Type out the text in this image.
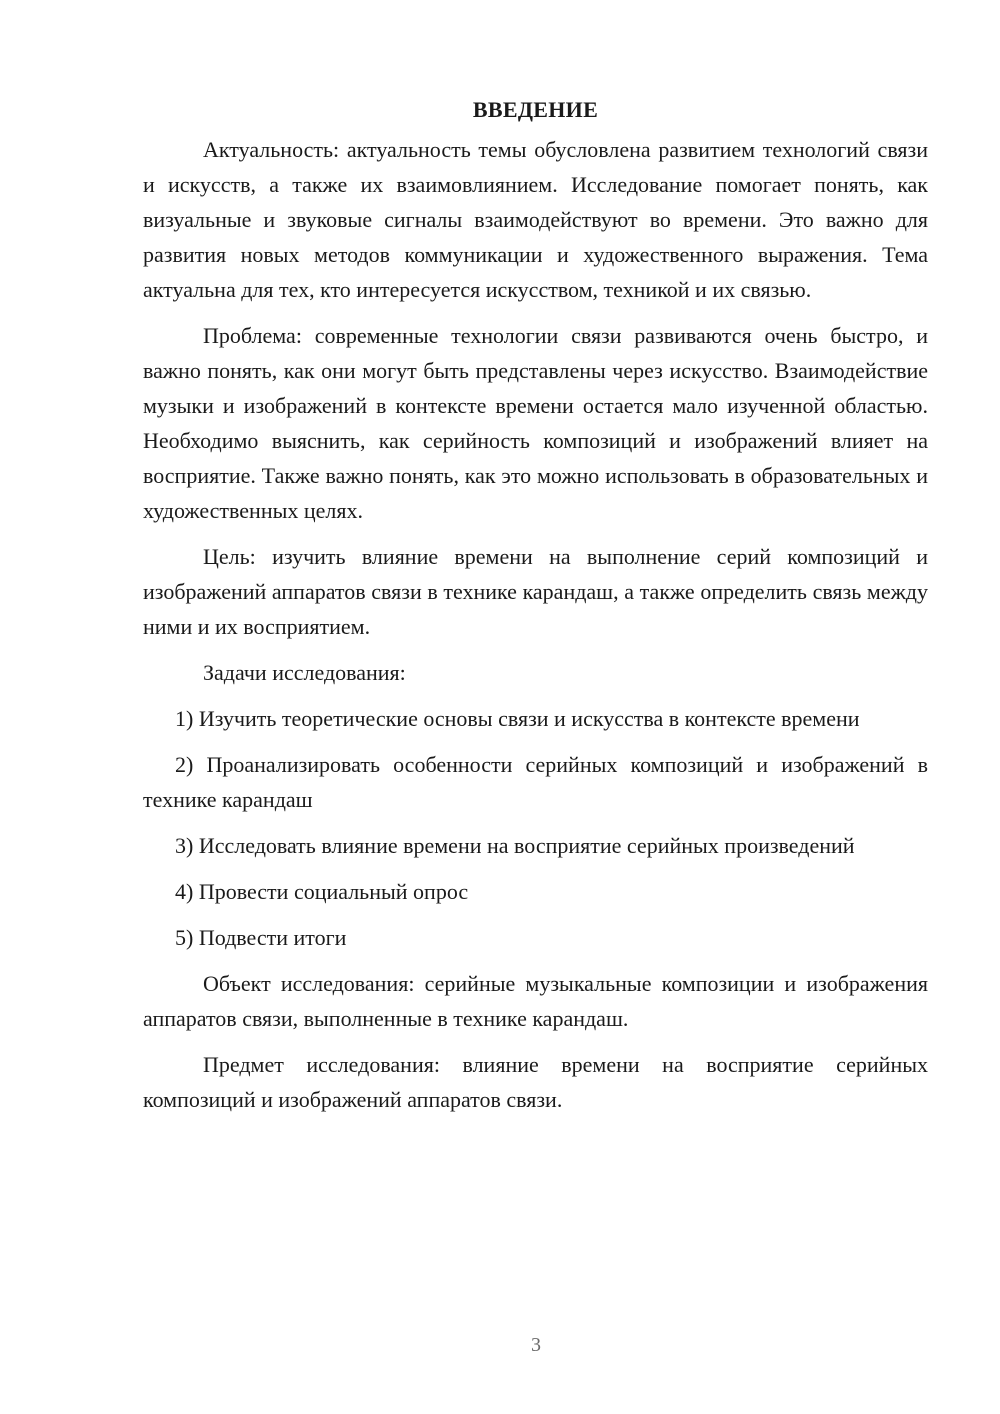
ВВЕДЕНИЕ

Актуальность: актуальность темы обусловлена развитием технологий связи и искусств, а также их взаимовлиянием. Исследование помогает понять, как визуальные и звуковые сигналы взаимодействуют во времени. Это важно для развития новых методов коммуникации и художественного выражения. Тема актуальна для тех, кто интересуется искусством, техникой и их связью.

Проблема: современные технологии связи развиваются очень быстро, и важно понять, как они могут быть представлены через искусство. Взаимодействие музыки и изображений в контексте времени остается мало изученной областью. Необходимо выяснить, как серийность композиций и изображений влияет на восприятие. Также важно понять, как это можно использовать в образовательных и художественных целях.

Цель: изучить влияние времени на выполнение серий композиций и изображений аппаратов связи в технике карандаш, а также определить связь между ними и их восприятием.

Задачи исследования:

1) Изучить теоретические основы связи и искусства в контексте времени

2) Проанализировать особенности серийных композиций и изображений в технике карандаш

3) Исследовать влияние времени на восприятие серийных произведений

4) Провести социальный опрос

5) Подвести итоги

Объект исследования: серийные музыкальные композиции и изображения аппаратов связи, выполненные в технике карандаш.

Предмет исследования: влияние времени на восприятие серийных композиций и изображений аппаратов связи.

3
